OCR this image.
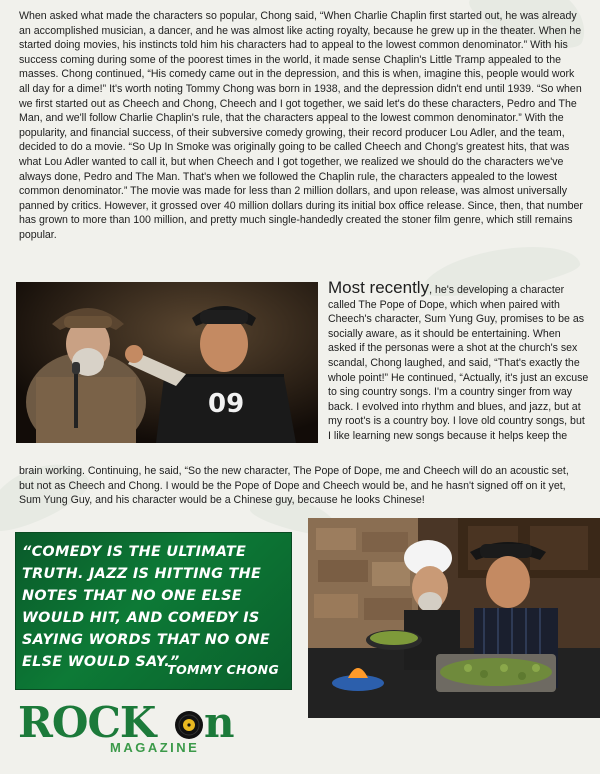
When asked what made the characters so popular, Chong said, “When Charlie Chaplin first started out, he was already an accomplished musician, a dancer, and he was almost like acting royalty, because he grew up in the theater. When he started doing movies, his instincts told him his characters had to appeal to the lowest common denominator.” With his success coming during some of the poorest times in the world, it made sense Chaplin's Little Tramp appealed to the masses. Chong continued, “His comedy came out in the depression, and this is when, imagine this, people would work all day for a dime!” It's worth noting Tommy Chong was born in 1938, and the depression didn't end until 1939. “So when we first started out as Cheech and Chong, Cheech and I got together, we said let's do these characters, Pedro and The Man, and we'll follow Charlie Chaplin's rule, that the characters appeal to the lowest common denominator.” With the popularity, and financial success, of their subversive comedy growing, their record producer Lou Adler, and the team, decided to do a movie. “So Up In Smoke was originally going to be called Cheech and Chong's greatest hits, that was what Lou Adler wanted to call it, but when Cheech and I got together, we realized we should do the characters we've always done, Pedro and The Man. That's when we followed the Chaplin rule, the characters appealed to the lowest common denominator.” The movie was made for less than 2 million dollars, and upon release, was almost universally panned by critics. However, it grossed over 40 million dollars during its initial box office release. Since, then, that number has grown to more than 100 million, and pretty much single-handedly created the stoner film genre, which still remains popular.

09

Most recently, he's developing a character called The Pope of Dope, which when paired with Cheech's character, Sum Yung Guy, promises to be as socially aware, as it should be entertaining. When asked if the personas were a shot at the church's sex scandal, Chong laughed, and said, “That's exactly the whole point!” He continued, “Actually, it's just an excuse to sing country songs. I'm a country singer from way back. I evolved into rhythm and blues, and jazz, but at my root's is a country boy. I love old country songs, but I like learning new songs because it helps keep the

brain working. Continuing, he said, “So the new character, The Pope of Dope, me and Cheech will do an acoustic set, but not as Cheech and Chong. I would be the Pope of Dope and Cheech would be, and he hasn't signed off on it yet, Sum Yung Guy, and his character would be a Chinese guy, because he looks Chinese!

“COMEDY IS THE ULTIMATE TRUTH. JAZZ IS HITTING THE NOTES THAT NO ONE ELSE WOULD HIT, AND COMEDY IS SAYING WORDS THAT NO ONE ELSE WOULD SAY.”

TOMMY CHONG

ROCK n
MAGAZINE
